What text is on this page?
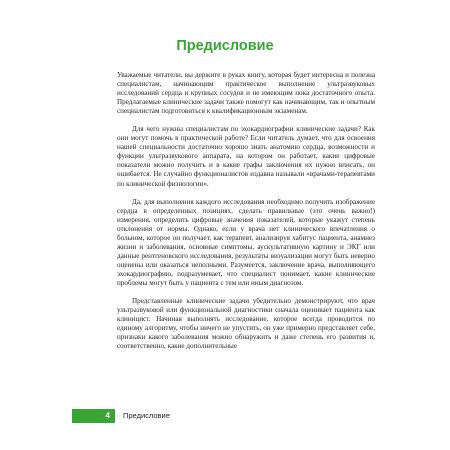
Предисловие

Уважаемые читатели, вы держите в руках книгу, которая будет интересна и полезна специалистам, начинающим практическое выполнение ультразвуковых исследований сердца и крупных сосудов и не имеющим пока достаточного опыта. Предлагаемые клинические задачи также помогут как начинающим, так и опытным специалистам подготовиться к квалификационным экзаменам.

Для чего нужны специалистам по эхокардиографии клинические задачи? Как они могут помочь в практической работе? Если читатель думает, что для освоения нашей специальности достаточно хорошо знать анатомию сердца, возможности и функции ультразвукового аппарата, на котором он работает, какие цифровые показатели можно получить и в какие графы заключения их нужно вписать, он ошибается. Не случайно функционалистов издавна называли «врачами-терапевтами по клинической физиологии».

Да, для выполнения каждого исследования необходимо получить изображение сердца в определенных позициях, сделать правильные (это очень важно!) измерения, определить цифровые значения показателей, которые укажут степень отклонения от нормы. Однако, если у врача нет клинического впечатления о больном, которое он получает, как терапевт, анализируя хабитус пациента, анамнез жизни и заболевания, основные симптомы, аускультативную картину и ЭКГ или данные рентгеновского исследования, результаты визуализации могут быть неверно оценены или оказаться неполными. Разумеется, заключение врача, выполняющего эхокардиографию, подразумевает, что специалист понимает, какие клинические проблемы могут быть у пациента с тем или иным диагнозом.

Представленные клинические задачи убедительно демонстрируют, что врач ультразвуковой или функциональной диагностики сначала оценивает пациента как клиницист. Начиная выполнять исследование, которое всегда проводится по единому алгоритму, чтобы ничего не упустить, он уже примерно представляет себе, признаки какого заболевания можно обнаружить и даже степень его развития и, соответственно, какие дополнительные

4 Предисловие
